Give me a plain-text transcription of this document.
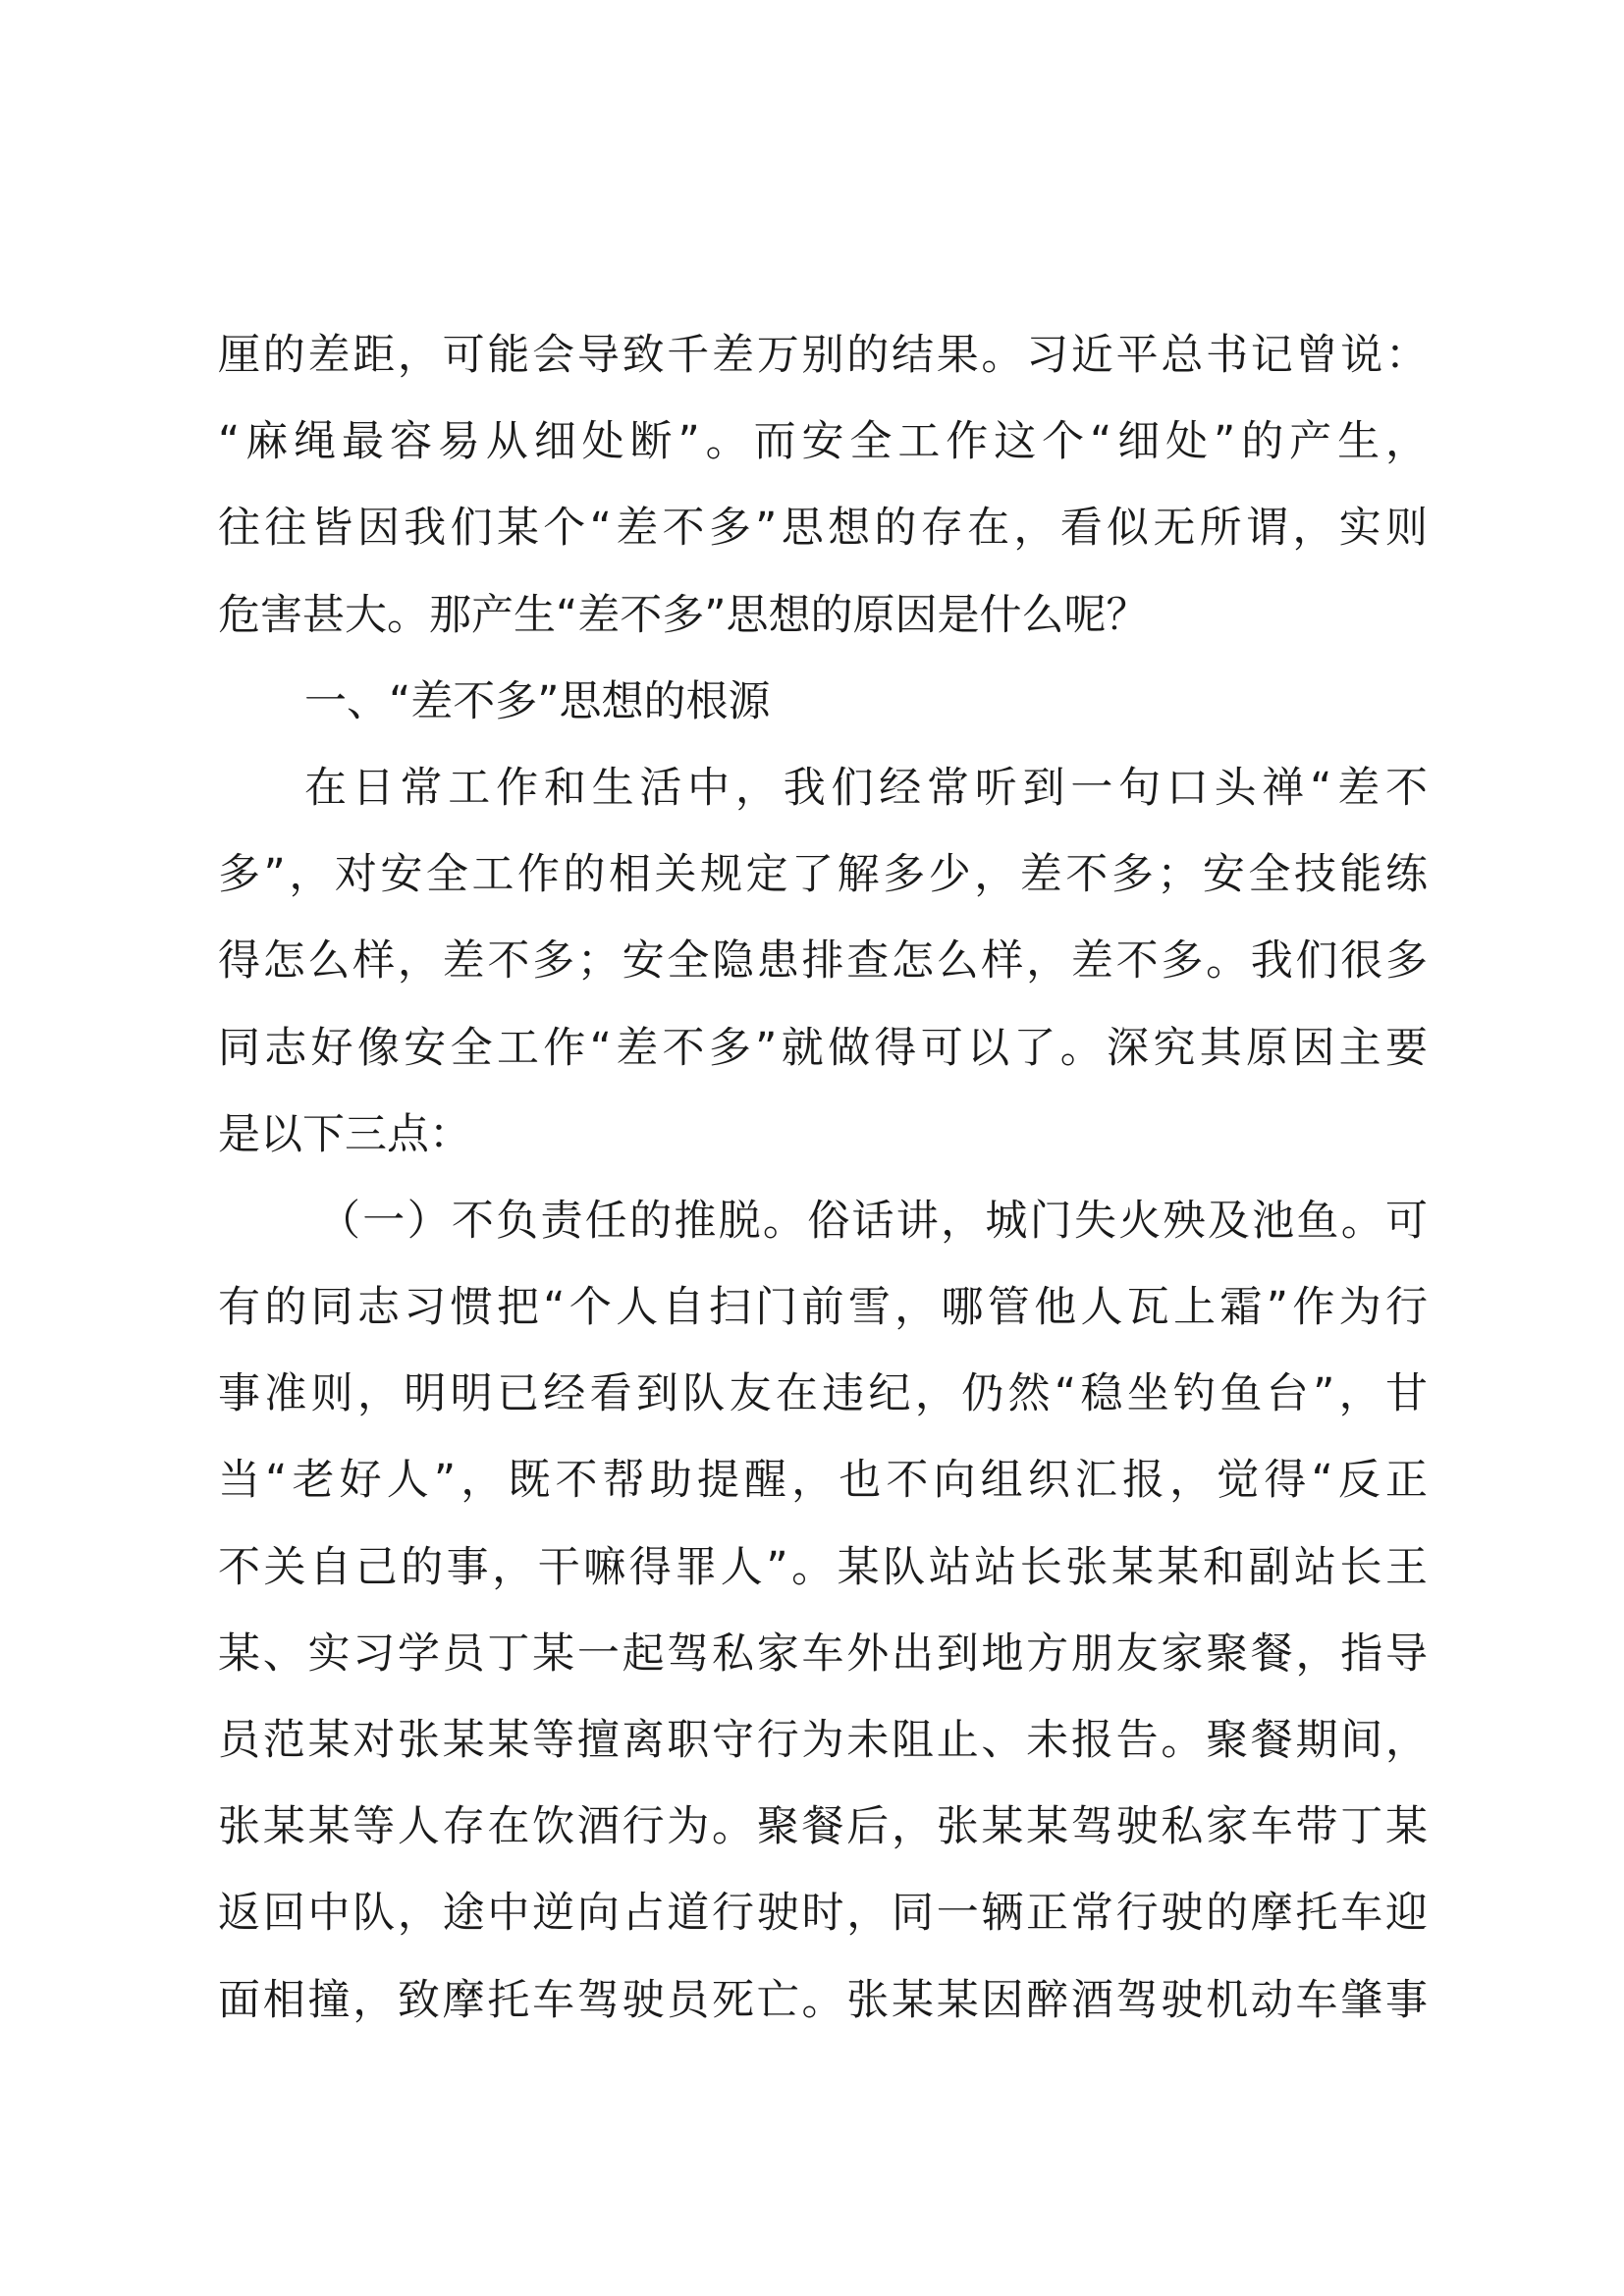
厘的差距，可能会导致千差万别的结果。习近平总书记曾说：
“麻绳最容易从细处断”。而安全工作这个“细处”的产生，
往往皆因我们某个“差不多”思想的存在，看似无所谓，实则
危害甚大。那产生“差不多”思想的原因是什么呢？
一、“差不多”思想的根源
在日常工作和生活中，我们经常听到一句口头禅“差不
多”，对安全工作的相关规定了解多少，差不多；安全技能练
得怎么样，差不多；安全隐患排查怎么样，差不多。我们很多
同志好像安全工作“差不多”就做得可以了。深究其原因主要
是以下三点：
（一）不负责任的推脱。俗话讲，城门失火殃及池鱼。可
有的同志习惯把“个人自扫门前雪，哪管他人瓦上霜”作为行
事准则，明明已经看到队友在违纪，仍然“稳坐钓鱼台”，甘
当“老好人”，既不帮助提醒，也不向组织汇报，觉得“反正
不关自己的事，干嘛得罪人”。某队站站长张某某和副站长王
某、实习学员丁某一起驾私家车外出到地方朋友家聚餐，指导
员范某对张某某等擅离职守行为未阻止、未报告。聚餐期间，
张某某等人存在饮酒行为。聚餐后，张某某驾驶私家车带丁某
返回中队，途中逆向占道行驶时，同一辆正常行驶的摩托车迎
面相撞，致摩托车驾驶员死亡。张某某因醉酒驾驶机动车肇事
